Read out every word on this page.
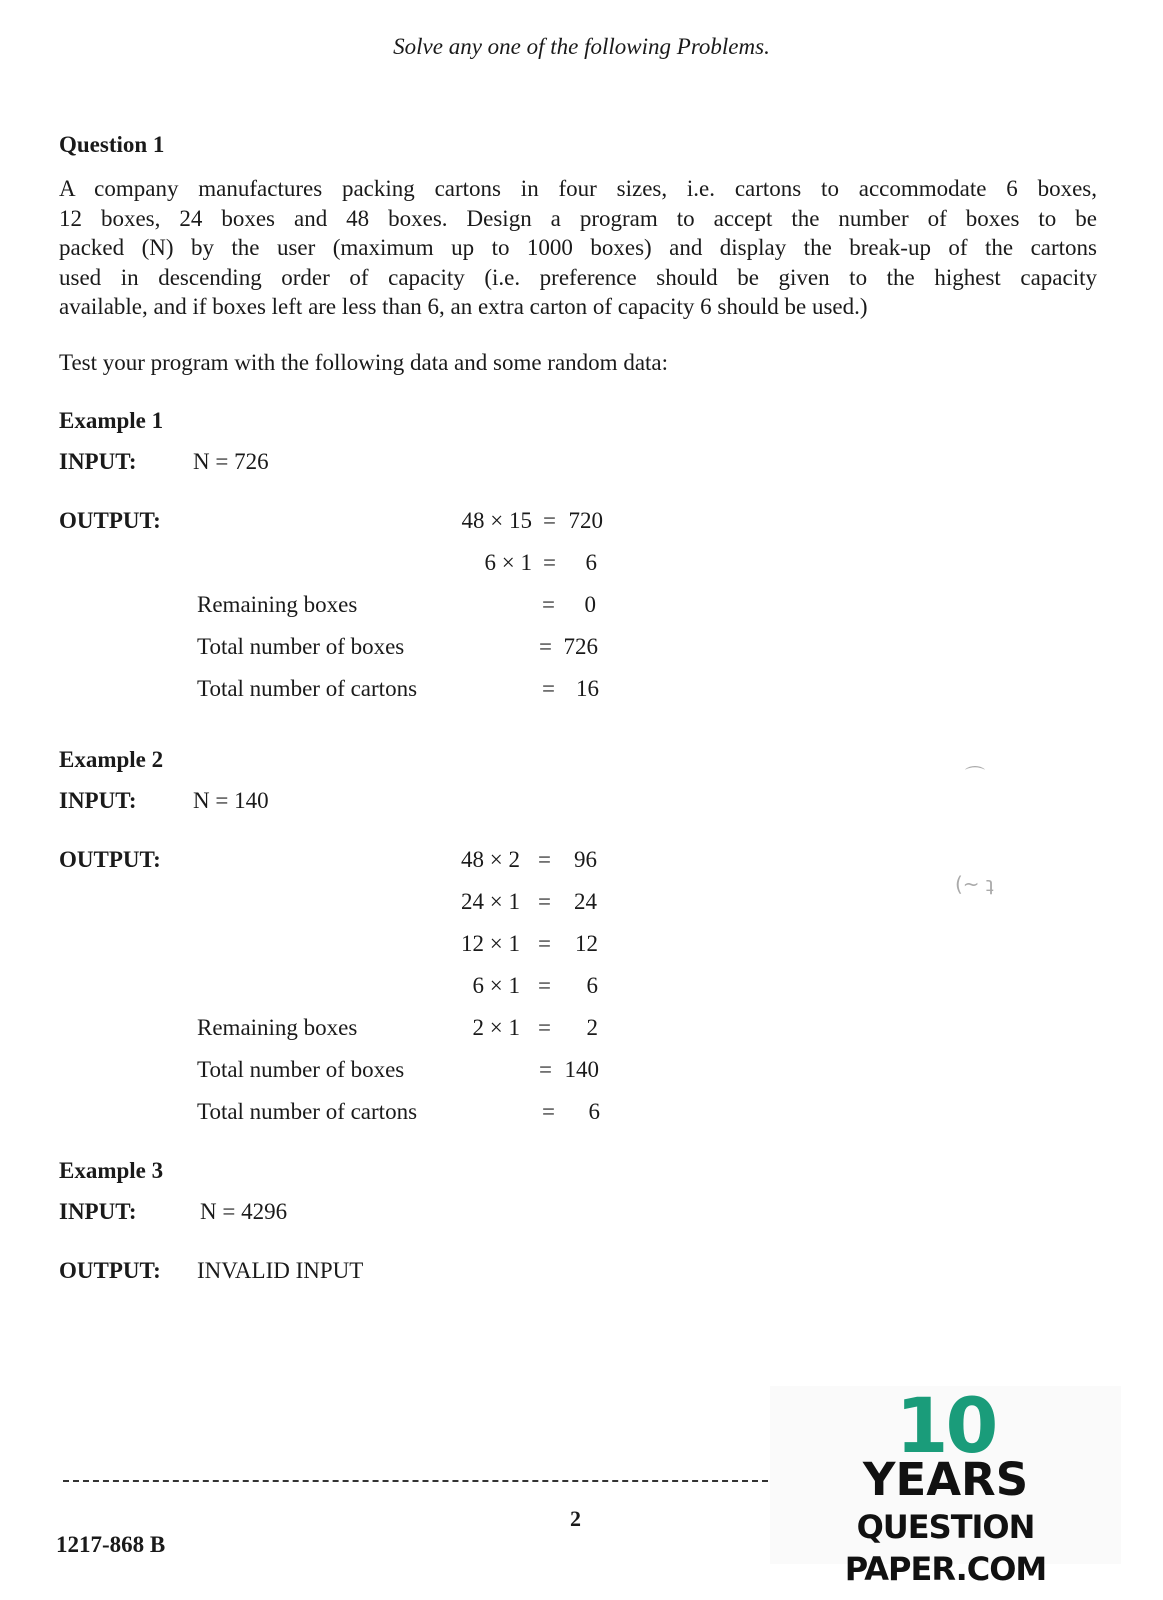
Solve any one of the following Problems.
Question 1
A company manufactures packing cartons in four sizes, i.e. cartons to accommodate 6 boxes,
12 boxes, 24 boxes and 48 boxes. Design a program to accept the number of boxes to be
packed (N) by the user (maximum up to 1000 boxes) and display the break-up of the cartons
used in descending order of capacity (i.e. preference should be given to the highest capacity
available, and if boxes left are less than 6, an extra carton of capacity 6 should be used.)
Test your program with the following data and some random data:
Example 1
INPUT: N = 726
OUTPUT:	48 × 15 = 720
6 × 1 =	6
Remaining boxes	=	0
Total number of boxes	= 726
Total number of cartons	= 16
Example 2
INPUT: N = 140
OUTPUT:	48 × 2 =	96
24 × 1 =	24
12 × 1 =	12
6 × 1 =	6
Remaining boxes	2 × 1 =	2
Total number of boxes	= 140
Total number of cartons	=	6
Example 3
INPUT:	N = 4296
OUTPUT: INVALID INPUT
⌒
(~ ʇ
2
1217-868 B
10
YEARS
QUESTION PAPER.COM
